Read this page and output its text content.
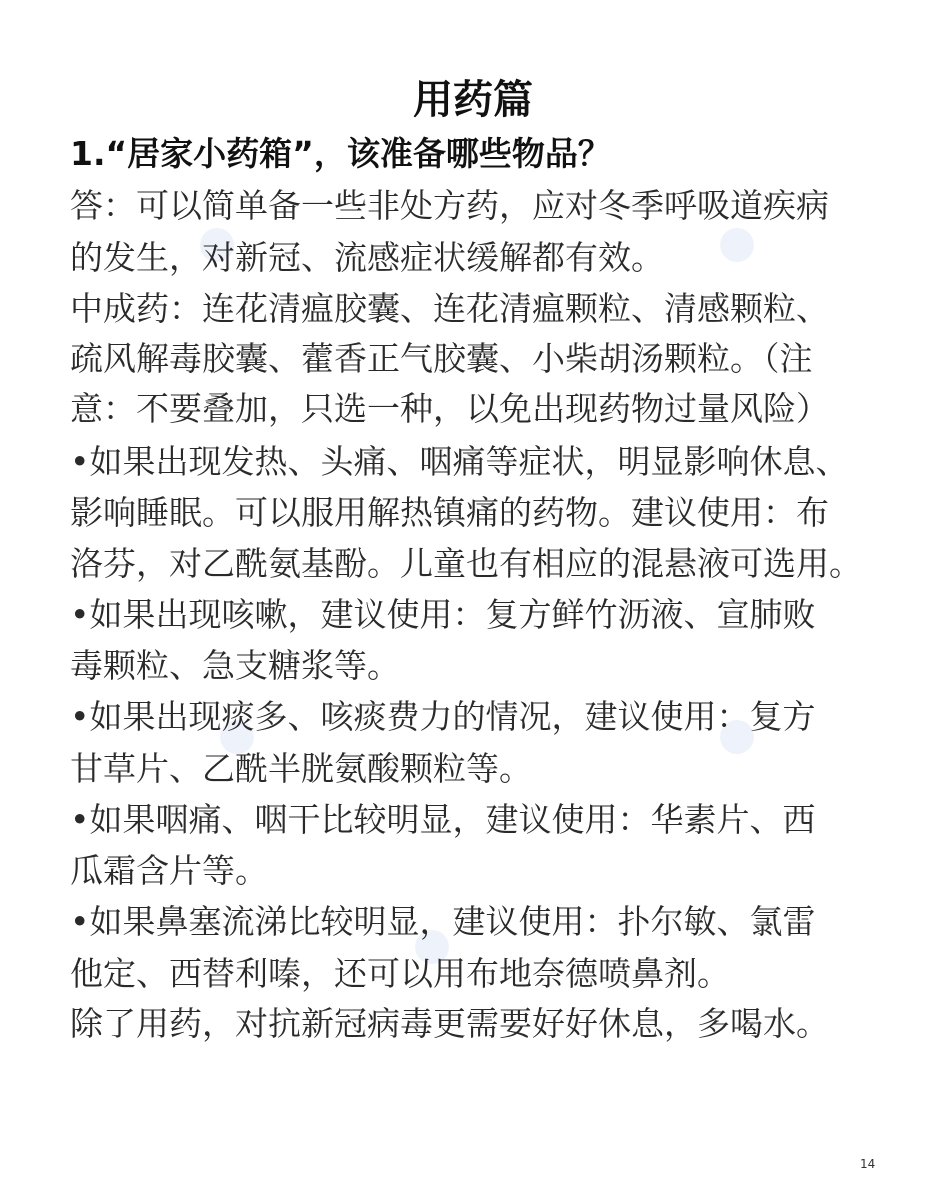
用药篇
1.“居家小药箱”，该准备哪些物品？
答：可以简单备一些非处方药，应对冬季呼吸道疾病
的发生，对新冠、流感症状缓解都有效。
中成药：连花清瘟胶囊、连花清瘟颗粒、清感颗粒、
疏风解毒胶囊、藿香正气胶囊、小柴胡汤颗粒。（注
意：不要叠加，只选一种，以免出现药物过量风险）
•如果出现发热、头痛、咽痛等症状，明显影响休息、
影响睡眠。可以服用解热镇痛的药物。建议使用：布
洛芬，对乙酰氨基酚。儿童也有相应的混悬液可选用。
•如果出现咳嗽，建议使用：复方鲜竹沥液、宣肺败
毒颗粒、急支糖浆等。
•如果出现痰多、咳痰费力的情况，建议使用：复方
甘草片、乙酰半胱氨酸颗粒等。
•如果咽痛、咽干比较明显，建议使用：华素片、西
瓜霜含片等。
•如果鼻塞流涕比较明显，建议使用：扑尔敏、氯雷
他定、西替利嗪，还可以用布地奈德喷鼻剂。
除了用药，对抗新冠病毒更需要好好休息，多喝水。
14
